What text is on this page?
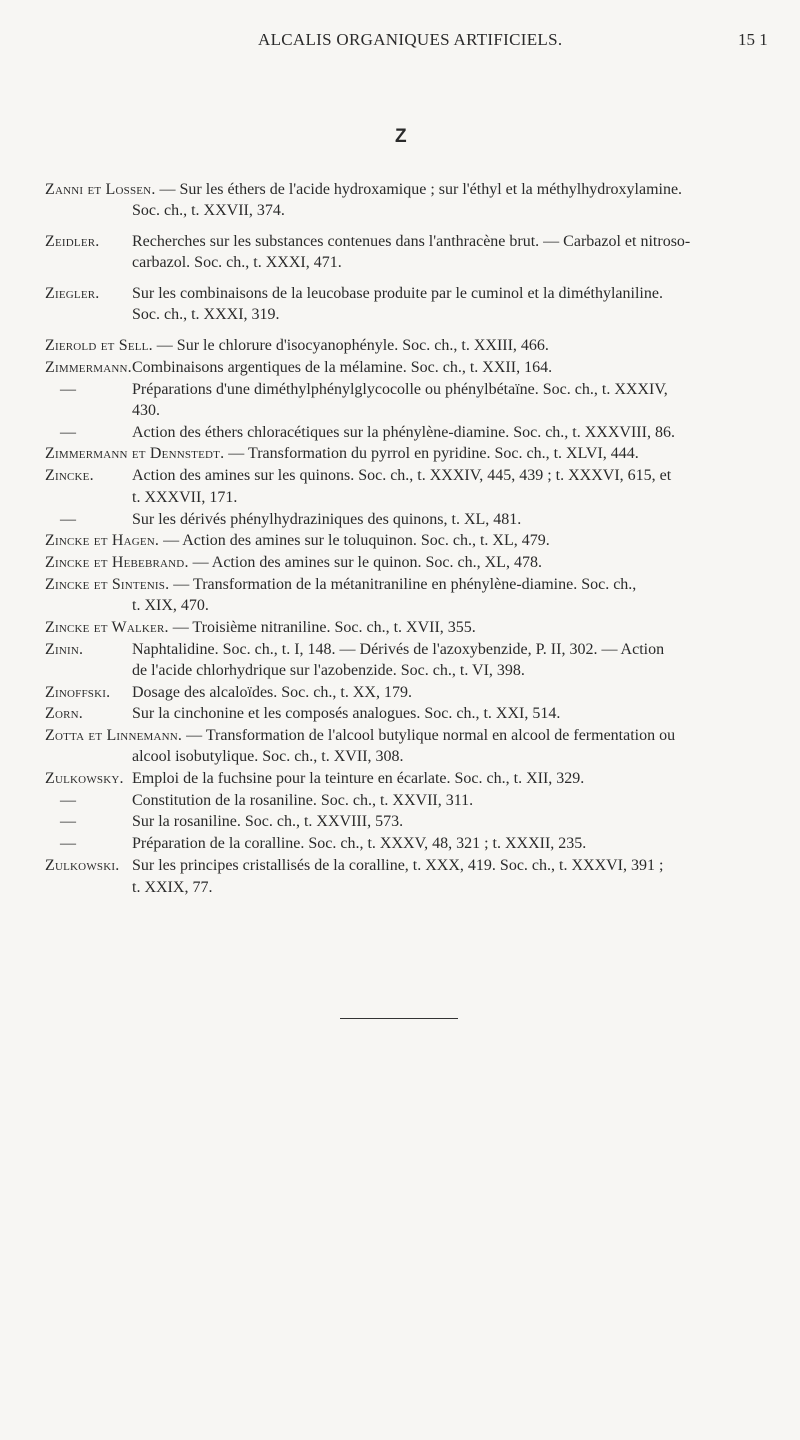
ALCALIS ORGANIQUES ARTIFICIELS.	15 1
Z
Zanni et Lossen. — Sur les éthers de l'acide hydroxamique ; sur l'éthyl et la méthylhydroxylamine.
Soc. ch., t. XXVII, 374.
Zeidler. Recherches sur les substances contenues dans l'anthracène brut. — Carbazol et nitroso-
carbazol. Soc. ch., t. XXXI, 471.
Ziegler. Sur les combinaisons de la leucobase produite par le cuminol et la diméthylaniline.
Soc. ch., t. XXXI, 319.
Zierold et Sell. — Sur le chlorure d'isocyanophényle. Soc. ch., t. XXIII, 466.
Zimmermann. Combinaisons argentiques de la mélamine. Soc. ch., t. XXII, 164.
—	Préparations d'une diméthylphénylglycocolle ou phénylbétaïne. Soc. ch., t. XXXIV,
430.
—	Action des éthers chloracétiques sur la phénylène-diamine. Soc. ch., t. XXXVIII, 86.
Zimmermann et Dennstedt. — Transformation du pyrrol en pyridine. Soc. ch., t. XLVI, 444.
Zincke. Action des amines sur les quinons. Soc. ch., t. XXXIV, 445, 439 ; t. XXXVI, 615, et
t. XXXVII, 171.
—	Sur les dérivés phénylhydraziniques des quinons, t. XL, 481.
Zincke et Hagen. — Action des amines sur le toluquinon. Soc. ch., t. XL, 479.
Zincke et Hebebrand. — Action des amines sur le quinon. Soc. ch., XL, 478.
Zincke et Sintenis. — Transformation de la métanitraniline en phénylène-diamine. Soc. ch.,
t. XIX, 470.
Zincke et Walker. — Troisième nitraniline. Soc. ch., t. XVII, 355.
Zinin.	Naphtalidine. Soc. ch., t. I, 148. — Dérivés de l'azoxybenzide, P. II, 302. — Action
de l'acide chlorhydrique sur l'azobenzide. Soc. ch., t. VI, 398.
Zinoffski. Dosage des alcaloïdes. Soc. ch., t. XX, 179.
Zorn.	Sur la cinchonine et les composés analogues. Soc. ch., t. XXI, 514.
Zotta et Linnemann. — Transformation de l'alcool butylique normal en alcool de fermentation ou
alcool isobutylique. Soc. ch., t. XVII, 308.
Zulkowsky. Emploi de la fuchsine pour la teinture en écarlate. Soc. ch., t. XII, 329.
—	Constitution de la rosaniline. Soc. ch., t. XXVII, 311.
—	Sur la rosaniline. Soc. ch., t. XXVIII, 573.
—	Préparation de la coralline. Soc. ch., t. XXXV, 48, 321 ; t. XXXII, 235.
Zulkowski. Sur les principes cristallisés de la coralline, t. XXX, 419. Soc. ch., t. XXXVI, 391 ;
t. XXIX, 77.
